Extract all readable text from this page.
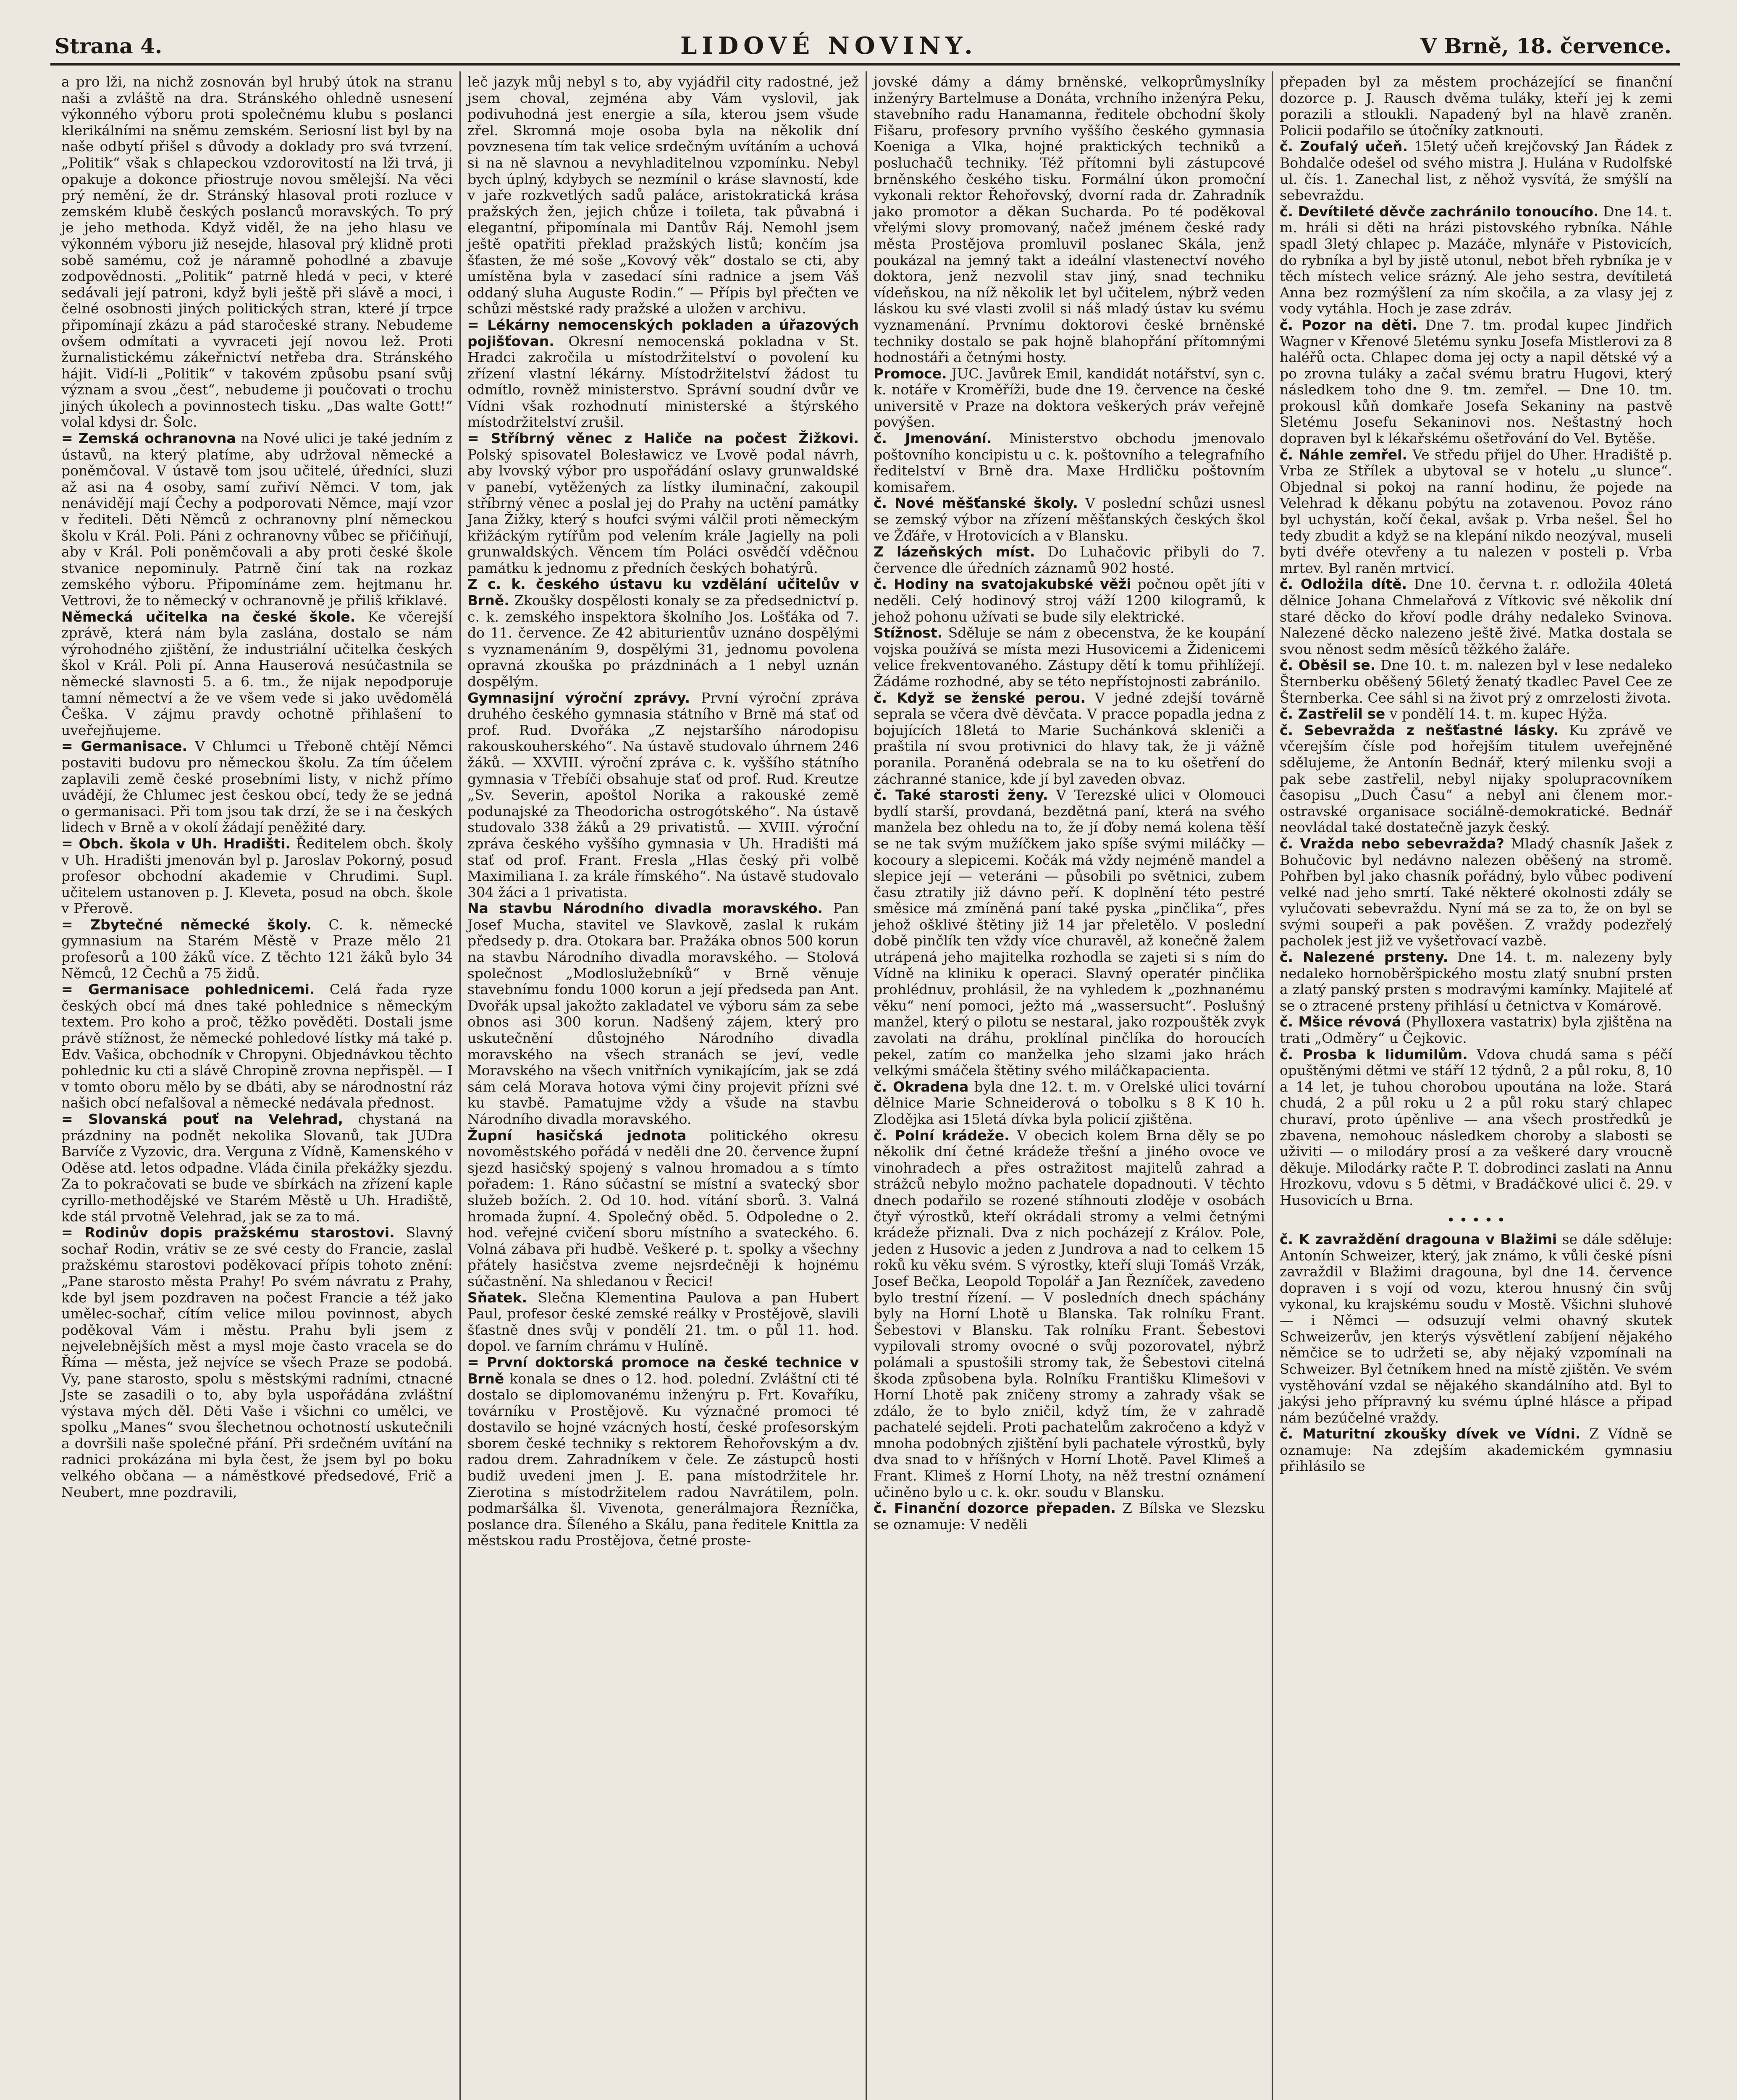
Strana 4.	LIDOVÉ NOVINY.	V Brně, 18. července.

a pro lži, na nichž zosnován byl hrubý útok na stranu naši a zvláště na dra. Stránského ohledně usnesení výkonného výboru proti společnému klubu s poslanci klerikálními na sněmu zemském. Seriosní list byl by na naše odbytí přišel s důvody a doklady pro svá tvrzení. „Politik“ však s chlapeckou vzdorovitostí na lži trvá, ji opakuje a dokonce přiostruje novou smělejší. Na věci prý nemění, že dr. Stránský hlasoval proti rozluce v zemském klubě českých poslanců moravských. To prý je jeho methoda. Když viděl, že na jeho hlasu ve výkonném výboru již nesejde, hlasoval prý klidně proti sobě samému, což je náramně pohodlné a zbavuje zodpovědnosti. „Politik“ patrně hledá v peci, v které sedávali její patroni, když byli ještě při slávě a moci, i čelné osobnosti jiných politických stran, které jí trpce připomínají zkázu a pád staročeské strany. Nebudeme ovšem odmítati a vyvraceti její novou lež. Proti žurnalistickému zákeřnictví netřeba dra. Stránského hájit. Vidí-li „Politik“ v takovém způsobu psaní svůj význam a svou „čest“, nebudeme ji poučovati o trochu jiných úkolech a povinnostech tisku. „Das walte Gott!“ volal kdysi dr. Šolc.

= Zemská ochranovna na Nové ulici je také jedním z ústavů, na který platíme, aby udržoval německé a poněmčoval. V ústavě tom jsou učitelé, úředníci, sluzi až asi na 4 osoby, samí zuřiví Němci. V tom, jak nenávidějí mají Čechy a podporovati Němce, mají vzor v řediteli. Děti Němců z ochranovny plní německou školu v Král. Poli. Páni z ochranovny vůbec se přičiňují, aby v Král. Poli poněmčovali a aby proti české škole stvanice nepominuly. Patrně činí tak na rozkaz zemského výboru. Připomínáme zem. hejtmanu hr. Vettrovi, že to německý v ochranovně je přiliš křiklavé.

Německá učitelka na české škole. Ke včerejší zprávě, která nám byla zaslána, dostalo se nám výrohodného zjištění, že industriální učitelka českých škol v Král. Poli pí. Anna Hauserová nesúčastnila se německé slavnosti 5. a 6. tm., že nijak nepodporuje tamní němectví a že ve všem vede si jako uvědomělá Češka. V zájmu pravdy ochotně přihlašení to uveřejňujeme.

= Germanisace. V Chlumci u Třeboně chtějí Němci postaviti budovu pro německou školu. Za tím účelem zaplavili země české prosebními listy, v nichž přímo uvádějí, že Chlumec jest českou obcí, tedy že se jedná o germanisaci. Při tom jsou tak drzí, že se i na českých lidech v Brně a v okolí žádají peněžité dary.

= Obch. škola v Uh. Hradišti. Ředitelem obch. školy v Uh. Hradišti jmenován byl p. Jaroslav Pokorný, posud profesor obchodní akademie v Chrudimi. Supl. učitelem ustanoven p. J. Kleveta, posud na obch. škole v Přerově.

= Zbytečné německé školy. C. k. německé gymnasium na Starém Městě v Praze mělo 21 profesorů a 100 žáků více. Z těchto 121 žáků bylo 34 Němců, 12 Čechů a 75 židů.

= Germanisace pohlednicemi. Celá řada ryze českých obcí má dnes také pohlednice s německým textem. Pro koho a proč, těžko pověděti. Dostali jsme právě stížnost, že německé pohledové lístky má také p. Edv. Vašica, obchodník v Chropyni. Objednávkou těchto pohlednic ku cti a slávě Chropině zrovna nepřispěl. — I v tomto oboru mělo by se dbáti, aby se národnostní ráz našich obcí nefalšoval a německé nedávala přednost.

= Slovanská pouť na Velehrad, chystaná na prázdniny na podnět nekolika Slovanů, tak JUDra Barvíče z Vyzovic, dra. Verguna z Vídně, Kamenského v Oděse atd. letos odpadne. Vláda činila překážky sjezdu. Za to pokračovati se bude ve sbírkách na zřízení kaple cyrillo-methodějské ve Starém Městě u Uh. Hradiště, kde stál prvotně Velehrad, jak se za to má.

= Rodinův dopis pražskému starostovi. Slavný sochař Rodin, vrátiv se ze své cesty do Francie, zaslal pražskému starostovi poděkovací přípis tohoto znění: „Pane starosto města Prahy! Po svém návratu z Prahy, kde byl jsem pozdraven na počest Francie a též jako umělec-sochař, cítím velice milou povinnost, abych poděkoval Vám i městu. Prahu byli jsem z nejvelebnějších měst a mysl moje často vracela se do Říma — města, jež nejvíce se všech Praze se podobá. Vy, pane starosto, spolu s městskými radními, ctnacné Jste se zasadili o to, aby byla uspořádána zvláštní výstava mých děl. Děti Vaše i všichni co umělci, ve spolku „Manes“ svou šlechetnou ochotností uskutečnili a dovršili naše společné přání. Při srdečném uvítání na radnici prokázána mi byla čest, že jsem byl po boku velkého občana — a náměstkové předsedové, Frič a Neubert, mne pozdravili,

leč jazyk můj nebyl s to, aby vyjádřil city radostné, jež jsem choval, zejména aby Vám vyslovil, jak podivuhodná jest energie a síla, kterou jsem všude zřel. Skromná moje osoba byla na několik dní povznesena tím tak velice srdečným uvítáním a uchová si na ně slavnou a nevyhladitelnou vzpomínku. Nebyl bych úplný, kdybych se nezmínil o kráse slavností, kde v jaře rozkvetlých sadů paláce, aristokratická krása pražských žen, jejich chůze i toileta, tak půvabná i elegantní, připomínala mi Dantův Ráj. Nemohl jsem ještě opatřiti překlad pražských listů; končím jsa šťasten, že mé soše „Kovový věk“ dostalo se cti, aby umístěna byla v zasedací síni radnice a jsem Váš oddaný sluha Auguste Rodin.“ — Přípis byl přečten ve schůzi městské rady pražské a uložen v archivu.

= Lékárny nemocenských pokladen a úřazových pojišťovan. Okresní nemocenská pokladna v St. Hradci zakročila u místodržitelství o povolení ku zřízení vlastní lékárny. Místodržitelství žádost tu odmítlo, rovněž ministerstvo. Správní soudní dvůr ve Vídni však rozhodnutí ministerské a štýrského místodržitelství zrušil.

= Stříbrný věnec z Haliče na počest Žižkovi. Polský spisovatel Bolesławicz ve Lvově podal návrh, aby lvovský výbor pro uspořádání oslavy grunwaldské v panebí, vytěžených za lístky iluminační, zakoupil stříbrný věnec a poslal jej do Prahy na uctění památky Jana Žižky, který s houfci svými válčil proti německým křižáckým rytířům pod velením krále Jagielly na poli grunwaldských. Věncem tím Poláci osvědčí vděčnou památku k jednomu z předních českých bohatýrů.

Z c. k. českého ústavu ku vzdělání učitelův v Brně. Zkoušky dospělosti konaly se za předsednictví p. c. k. zemského inspektora školního Jos. Lošťáka od 7. do 11. července. Ze 42 abiturientův uznáno dospělými s vyznamenáním 9, dospělými 31, jednomu povolena opravná zkouška po prázdninách a 1 nebyl uznán dospělým.

Gymnasijní výroční zprávy. První výroční zpráva druhého českého gymnasia státního v Brně má stať od prof. Rud. Dvořáka „Z nejstaršího národopisu rakouskouherského“. Na ústavě studovalo úhrnem 246 žáků. — XXVIII. výroční zpráva c. k. vyššího státního gymnasia v Třebíči obsahuje stať od prof. Rud. Kreutze „Sv. Severin, apoštol Norika a rakouské země podunajské za Theodoricha ostrogótského“. Na ústavě studovalo 338 žáků a 29 privatistů. — XVIII. výroční zpráva českého vyššího gymnasia v Uh. Hradišti má stať od prof. Frant. Fresla „Hlas český při volbě Maximiliana I. za krále římského“. Na ústavě studovalo 304 žáci a 1 privatista.

Na stavbu Národního divadla moravského. Pan Josef Mucha, stavitel ve Slavkově, zaslal k rukám předsedy p. dra. Otokara bar. Pražáka obnos 500 korun na stavbu Národního divadla moravského. — Stolová společnost „Modloslužebníků“ v Brně věnuje stavebnímu fondu 1000 korun a její předseda pan Ant. Dvořák upsal jakožto zakladatel ve výboru sám za sebe obnos asi 300 korun. Nadšený zájem, který pro uskutečnění důstojného Národního divadla moravského na všech stranách se jeví, vedle Moravského na všech vnitřních vynikajícím, jak se zdá sám celá Morava hotova vými činy projevit přízni své ku stavbě. Pamatujme vždy a všude na stavbu Národního divadla moravského.

Župní hasičská jednota politického okresu novoměstského pořádá v neděli dne 20. července župní sjezd hasičský spojený s valnou hromadou a s tímto pořadem: 1. Ráno súčastní se místní a svatecký sbor služeb božích. 2. Od 10. hod. vítání sborů. 3. Valná hromada župní. 4. Společný oběd. 5. Odpoledne o 2. hod. veřejné cvičení sboru místního a svateckého. 6. Volná zábava při hudbě. Veškeré p. t. spolky a všechny přátely hasičstva zvеme nejsrdečněji k hojnému súčastnění. Na shledanou v Řecici!

Sňatek. Slečna Klementina Paulova a pan Hubert Paul, profesor české zemské reálky v Prostějově, slavili šťastně dnes svůj v pondělí 21. tm. o půl 11. hod. dopol. ve farním chrámu v Hulíně.

= První doktorská promoce na české technice v Brně konala se dnes o 12. hod. polední. Zvláštní cti té dostalo se diplomovanému inženýru p. Frt. Kovaříku, továrníku v Prostějově. Ku význačné promoci té dostavilo se hojné vzácných hostí, české profesorským sborem české techniky s rektorem Řehořovským a dv. radou drem. Zahradníkem v čele. Ze zástupců hosti budiž uvedeni jmen J. E. pana místodržitele hr. Zierotina s místodržitelem radou Navrátilem, poln. podmaršálka šl. Vivenota, generálmajora Řezníčka, poslance dra. Šíleného a Skálu, pana ředitele Knittla za městskou radu Prostějova, četné proste-

jovské dámy a dámy brněnské, velkoprůmyslníky inženýry Bartelmuse a Donáta, vrchního inženýra Peku, stavebního radu Hanamanna, ředitele obchodní školy Fišaru, profesory prvního vyššího českého gymnasia Koeniga a Vlka, hojné praktických techniků a posluchačů techniky. Též přítomni byli zástupcové brněnského českého tisku. Formální úkon promoční vykonali rektor Řehořovský, dvorní rada dr. Zahradník jako promotor a děkan Sucharda. Po té poděkoval vřelými slovy promovaný, načež jménem české rady města Prostějova promluvil poslanec Skála, jenž poukázal na jemný takt a ideální vlastenectví nového doktora, jenž nezvolil stav jiný, snad techniku vídeňskou, na níž několik let byl učitelem, nýbrž veden láskou ku své vlasti zvolil si náš mladý ústav ku svému vyznamenání. Prvnímu doktorovi české brněnské techniky dostalo se pak hojně blahopřání přítomnými hodnostáři a četnými hosty.

Promoce. JUC. Javůrek Emil, kandidát notářství, syn c. k. notáře v Kroměříži, bude dne 19. července na české universitě v Praze na doktora veškerých práv veřejně povýšen.

č. Jmenování. Ministerstvo obchodu jmenovalo poštovního koncipistu u c. k. poštovního a telegrafního ředitelství v Brně dra. Maxe Hrdličku poštovním komisařem.

č. Nové měšťanské školy. V poslední schůzi usnesl se zemský výbor na zřízení měšťanských českých škol ve Žďáře, v Hrotovicích a v Blansku.

Z lázeňských míst. Do Luhačovic přibyli do 7. července dle úředních záznamů 902 hosté.

č. Hodiny na svatojakubské věži počnou opět jíti v neděli. Celý hodinový stroj váží 1200 kilogramů, k jehož pohonu užívati se bude sily elektrické.

Stížnost. Sděluje se nám z obecenstva, že ke koupání vojska používá se místa mezi Husovicemi a Židenicemi velice frekventovaného. Zástupy dětí k tomu přihlížejí. Žádáme rozhodné, aby se této nepřístojnosti zabránilo.

č. Když se ženské perou. V jedné zdejší továrně seprala se včera dvě děvčata. V pracce popadla jedna z bojujících 18letá to Marie Suchánková skleniči a praštila ní svou protivnici do hlavy tak, že ji vážně poranila. Poraněná odebrala se na to ku ošetření do záchranné stanice, kde jí byl zaveden obvaz.

č. Také starosti ženy. V Terezské ulici v Olomouci bydlí starší, provdaná, bezdětná paní, která na svého manžela bez ohledu na to, že jí ďoby nemá kolena těší se ne tak svým mužíčkem jako spíše svými miláčky — kocoury a slepicemi. Kočák má vždy nejméně mandel a slepice její — veteráni — působili po světnici, zubem času ztratily již dávno peří. K doplnění této pestré směsice má zmíněná paní také pyska „pinčlika“, přes jehož ošklivé štětiny již 14 jar přeletělo. V poslední době pinčlík ten vždy více churavěl, až konečně žalem utrápená jeho majitelka rozhodla se zajeti si s ním do Vídně na kliniku k operaci. Slavný operatér pinčlika prohlédnuv, prohlásil, že na vyhledem k „pozhnanému věku“ není pomoci, ježto má „wassersucht“. Poslušný manžel, který o pilotu se nestaral, jako rozpouštěk zvyk zavolati na dráhu, proklínal pinčlíka do horoucích pekel, zatím co manželka jeho slzami jako hrách velkými smáčela štětiny svého miláčkapacienta.

č. Okradena byla dne 12. t. m. v Orelské ulici tovární dělnice Marie Schneiderová o tobolku s 8 K 10 h. Zlodějka asi 15letá dívka byla policií zjištěna.

č. Polní krádeže. V obecich kolem Brna děly se po několik dní četné krádeže třešní a jiného ovoce ve vinohradech a přes ostražitost majitelů zahrad a strážců nebylo možno pachatele dopadnouti. V těchto dnech podařilo se rozené stíhnouti zloděje v osobách čtyř výrostků, kteří okrádali stromy a velmi četnými krádeže přiznali. Dva z nich pocházejí z Králov. Pole, jeden z Husovic a jeden z Jundrova a nad to celkem 15 roků ku věku svém. S výrostky, kteří sluji Tomáš Vrzák, Josef Bečka, Leopold Topolář a Jan Řezníček, zavedeno bylo trestní řízení. — V posledních dnech spáchány byly na Horní Lhotě u Blanska. Tak rolníku Frant. Šebestovi v Blansku. Tak rolníku Frant. Šebestovi vypilovali stromy ovocné o svůj pozorovatel, nýbrž polámali a spustošili stromy tak, že Šebestovi citelná škoda způsobena byla. Rolníku Františku Klimešovi v Horní Lhotě pak zničeny stromy a zahrady však se zdálo, že to bylo zničil, když tím, že v zahradě pachatelé sejdeli. Proti pachatelům zakročeno a když v mnoha podobných zjištění byli pachatele výrostků, byly dva snad to v hříšných v Horní Lhotě. Pavel Klimeš a Frant. Klimeš z Horní Lhoty, na něž trestní oznámení učiněno bylo u c. k. okr. soudu v Blansku.

č. Finanční dozorce přepaden. Z Bílska ve Slezsku se oznamuje: V neděli

přepaden byl za městem procházející se finanční dozorce p. J. Rausch dvěma tuláky, kteří jej k zemi porazili a stloukli. Napadený byl na hlavě zraněn. Policii podařilo se útočníky zatknouti.

č. Zoufalý učeň. 15letý učeň krejčovský Jan Řádek z Bohdalče odešel od svého mistra J. Hulána v Rudolfské ul. čís. 1. Zanechal list, z něhož vysvítá, že smýšlí na sebevraždu.

č. Devítileté děvče zachránilo tonoucího. Dne 14. t. m. hráli si děti na hrázi pistovského rybníka. Náhle spadl 3letý chlapec p. Mazáče, mlynáře v Pistovicích, do rybníka a byl by jistě utonul, nebot břeh rybníka je v těch místech velice srázný. Ale jeho sestra, devítiletá Anna bez rozmýšlení za ním skočila, a za vlasy jej z vody vytáhla. Hoch je zase zdráv.

č. Pozor na děti. Dne 7. tm. prodal kupec Jindřich Wagner v Křenové 5letému synku Josefa Mistlerovi za 8 haléřů octa. Chlapec doma jej octy a napil dětské vý a po zrovna tuláky a začal svému bratru Hugovi, který následkem toho dne 9. tm. zemřel. — Dne 10. tm. prokousl kůň domkaře Josefa Sekaniny na pastvě Sletému Josefu Sekaninovi nos. Neštastný hoch dopraven byl k lékařskému ošetřování do Vel. Bytěše.

č. Náhle zemřel. Ve středu přijel do Uher. Hradiště p. Vrba ze Střílek a ubytoval se v hotelu „u slunce“. Objednal si pokoj na ranní hodinu, že pojede na Velehrad k děkanu pobýtu na zotavenou. Povoz ráno byl uchystán, kočí čekal, avšak p. Vrba nešel. Šel ho tedy zbudit a když se na klepání nikdo neozýval, museli byti dvéře otevřeny a tu nalezen v posteli p. Vrba mrtev. Byl raněn mrtvicí.

č. Odložila dítě. Dne 10. června t. r. odložila 40letá dělnice Johana Chmelařová z Vítkovic své několik dní staré děcko do křoví podle dráhy nedaleko Svinova. Nalezené děcko nalezeno ještě živé. Matka dostala se svou něnost sedm měsíců těžkého žaláře.

č. Oběsil se. Dne 10. t. m. nalezen byl v lese nedaleko Šternberku oběšený 56letý ženatý tkadlec Pavel Cee ze Šternberka. Cee sáhl si na život prý z omrzelosti života.

č. Zastřelil se v pondělí 14. t. m. kupec Hýža.

č. Sebevražda z nešťastné lásky. Ku zprávě ve včerejším čísle pod hořejším titulem uveřejněné sdělujeme, že Antonín Bednář, který milenku svoji a pak sebe zastřelil, nebyl nijaky spolupracovníkem časopisu „Duch Času“ a nebyl ani členem mor.-ostravské organisace sociálně-demokratické. Bednář neovládal také dostatečně jazyk český.

č. Vražda nebo sebevražda? Mladý chasník Jašek z Bohučovic byl nedávno nalezen oběšený na stromě. Pohřben byl jako chasník pořádný, bylo vůbec podivení velké nad jeho smrtí. Také některé okolnosti zdály se vylučovati sebevraždu. Nyní má se za to, že on byl se svými soupeři a pak pověšen. Z vraždy podezřelý pacholek jest již ve vyšetřovací vazbě.

č. Nalezené prsteny. Dne 14. t. m. nalezeny byly nedaleko hornoběršpického mostu zlatý snubní prsten a zlatý panský prsten s modravými kamínky. Majitelé ať se o ztracené prsteny přihlásí u četnictva v Komárově.

č. Mšice révová (Phylloxera vastatrix) byla zjištěna na trati „Odměry“ u Čejkovic.

č. Prosba k lidumilům. Vdova chudá sama s péčí opuštěnými dětmi ve stáří 12 týdnů, 2 a půl roku, 8, 10 a 14 let, je tuhou chorobou upoutána na lože. Stará chudá, 2 a půl roku u 2 a půl roku starý chlapec churaví, proto úpěnlive — ana všech prostředků je zbavena, nemohouc následkem choroby a slabosti se uživiti — o milodáry prosí a za veškeré dary vroucně děkuje. Milodárky račte P. T. dobrodinci zaslati na Annu Hrozkovu, vdovu s 5 dětmi, v Bradáčkové ulici č. 29. v Husovicích u Brna.

• • • • •

č. K zavraždění dragouna v Blažimi se dále sděluje: Antonín Schweizer, který, jak známo, k vůli české písni zavraždil v Blažimi dragouna, byl dne 14. července dopraven i s vojí od vozu, kterou hnusný čin svůj vykonal, ku krajskému soudu v Mostě. Všichni sluhové — i Němci — odsuzují velmi ohavný skutek Schweizerův, jen kterýs výsvětlení zabíjení nějakého němčice se to udržeti se, aby nějaký vzpomínali na Schweizer. Byl četníkem hned na místě zjištěn. Ve svém vystěhování vzdal se nějakého skandálního atd. Byl to jakýsi jeho přípravný ku svému úplné hlásce a připad nám bezúčelné vraždy.

č. Maturitní zkoušky dívek ve Vídni. Z Vídně se oznamuje: Na zdejším akademickém gymnasiu přihlásilo se
